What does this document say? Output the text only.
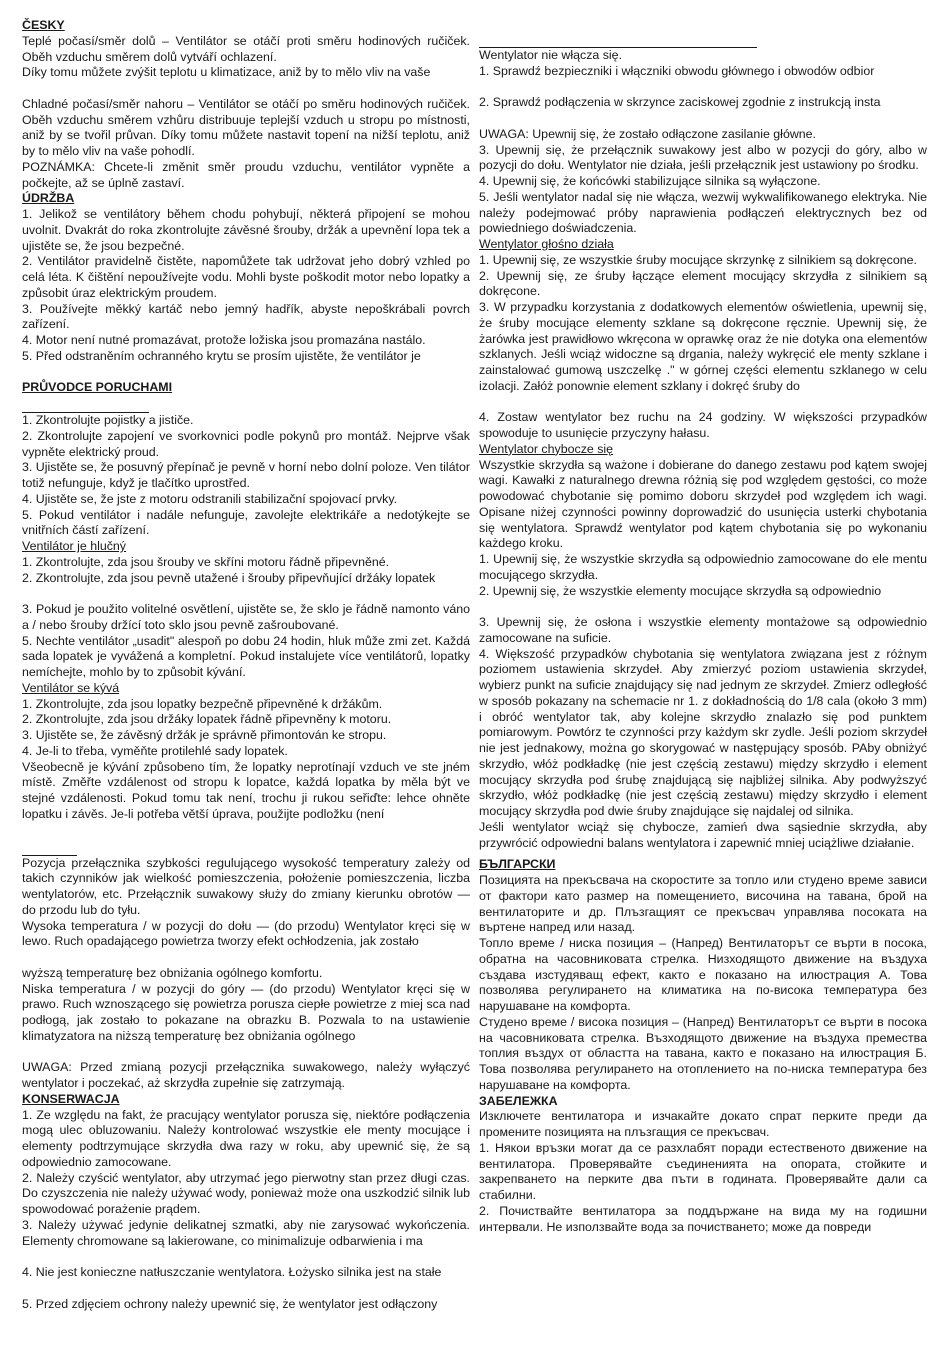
ČESKY

Teplé počasí/směr dolů – Ventilátor se otáčí proti směru hodinových ručiček. Oběh vzduchu směrem dolů vytváří ochlazení.

Díky tomu můžete zvýšit teplotu u klimatizace, aniž by to mělo vliv na vaše

Chladné počasí/směr nahoru – Ventilátor se otáčí po směru hodinových ručiček. Oběh vzduchu směrem vzhůru distribuuje teplejší vzduch u stropu po místnosti, aniž by se tvořil průvan. Díky tomu můžete nastavit topení na nižší teplotu, aniž by to mělo vliv na vaše pohodlí.

POZNÁMKA: Chcete-li změnit směr proudu vzduchu, ventilátor vypněte a počkejte, až se úplně zastaví.

ÚDRŽBA

1. Jelikož se ventilátory během chodu pohybují, některá připojení se mohou uvolnit. Dvakrát do roka zkontrolujte závěsné šrouby, držák a upevnění lopa tek a ujistěte se, že jsou bezpečné.

2. Ventilátor pravidelně čistěte, napomůžete tak udržovat jeho dobrý vzhled po celá léta. K čištění nepoužívejte vodu. Mohli byste poškodit motor nebo lopatky a způsobit úraz elektrickým proudem.

3. Používejte měkký kartáč nebo jemný hadřík, abyste nepoškrábali povrch zařízení.

4. Motor není nutné promazávat, protože ložiska jsou promazána nastálo.

5. Před odstraněním ochranného krytu se prosím ujistěte, že ventilátor je

PRŮVODCE PORUCHAMI

1. Zkontrolujte pojistky a jističe.

2. Zkontrolujte zapojení ve svorkovnici podle pokynů pro montáž. Nejprve však vypněte elektrický proud.

3. Ujistěte se, že posuvný přepínač je pevně v horní nebo dolní poloze. Ven tilátor totiž nefunguje, když je tlačítko uprostřed.

4. Ujistěte se, že jste z motoru odstranili stabilizační spojovací prvky.

5. Pokud ventilátor i nadále nefunguje, zavolejte elektrikáře a nedotýkejte se vnitřních částí zařízení.

Ventilátor je hlučný

1. Zkontrolujte, zda jsou šrouby ve skříni motoru řádně připevněné.

2. Zkontrolujte, zda jsou pevně utažené i šrouby připevňující držáky lopatek

3. Pokud je použito volitelné osvětlení, ujistěte se, že sklo je řádně namonto váno a / nebo šrouby držící toto sklo jsou pevně zašroubované.

5. Nechte ventilátor „usadit" alespoň po dobu 24 hodin, hluk může zmi zet. Každá sada lopatek je vyvážená a kompletní. Pokud instalujete více ventilátorů, lopatky nemíchejte, mohlo by to způsobit kývání.

Ventilátor se kývá

1. Zkontrolujte, zda jsou lopatky bezpečně připevněné k držákům.

2. Zkontrolujte, zda jsou držáky lopatek řádně připevněny k motoru.

3. Ujistěte se, že závěsný držák je správně přimontován ke stropu.

4. Je-li to třeba, vyměňte protilehlé sady lopatek.

Všeobecně je kývání způsobeno tím, že lopatky neprotínají vzduch ve ste jném místě. Změřte vzdálenost od stropu k lopatce, každá lopatka by měla být ve stejné vzdálenosti. Pokud tomu tak není, trochu ji rukou seřiďte: lehce ohněte lopatku i závěs. Je-li potřeba větší úprava, použijte podložku (není

Pozycja przełącznika szybkości regulującego wysokość temperatury zależy od takich czynników jak wielkość pomieszczenia, położenie pomieszczenia, liczba wentylatorów, etc. Przełącznik suwakowy służy do zmiany kierunku obrotów — do przodu lub do tyłu.

Wysoka temperatura / w pozycji do dołu — (do przodu) Wentylator kręci się w lewo. Ruch opadającego powietrza tworzy efekt ochłodzenia, jak zostało

wyższą temperaturę bez obniżania ogólnego komfortu.

Niska temperatura / w pozycji do góry — (do przodu) Wentylator kręci się w prawo. Ruch wznoszącego się powietrza porusza ciepłe powietrze z miej sca nad podłogą, jak zostało to pokazane na obrazku B. Pozwala to na ustawienie klimatyzatora na niższą temperaturę bez obniżania ogólnego

UWAGA: Przed zmianą pozycji przełącznika suwakowego, należy wyłączyć wentylator i poczekać, aż skrzydła zupełnie się zatrzymają.

KONSERWACJA

1. Ze względu na fakt, że pracujący wentylator porusza się, niektóre podłączenia mogą ulec obluzowaniu. Należy kontrolować wszystkie ele menty mocujące i elementy podtrzymujące skrzydła dwa razy w roku, aby upewnić się, że są odpowiednio zamocowane.

2. Należy czyścić wentylator, aby utrzymać jego pierwotny stan przez długi czas. Do czyszczenia nie należy używać wody, ponieważ może ona uszkodzić silnik lub spowodować porażenie prądem.

3. Należy używać jedynie delikatnej szmatki, aby nie zarysować wykończenia. Elementy chromowane są lakierowane, co minimalizuje odbarwienia i ma

4. Nie jest konieczne natłuszczanie wentylatora. Łożysko silnika jest na stałe

5. Przed zdjęciem ochrony należy upewnić się, że wentylator jest odłączony

Wentylator nie włącza się.

1. Sprawdź bezpieczniki i włączniki obwodu głównego i obwodów odbior

2. Sprawdź podłączenia w skrzynce zaciskowej zgodnie z instrukcją insta

UWAGA: Upewnij się, że zostało odłączone zasilanie główne.

3. Upewnij się, że przełącznik suwakowy jest albo w pozycji do góry, albo w pozycji do dołu. Wentylator nie działa, jeśli przełącznik jest ustawiony po środku.

4. Upewnij się, że końcówki stabilizujące silnika są wyłączone.

5. Jeśli wentylator nadal się nie włącza, wezwij wykwalifikowanego elektryka. Nie należy podejmować próby naprawienia podłączeń elektrycznych bez od powiedniego doświadczenia.

Wentylator głośno działa

1. Upewnij się, ze wszystkie śruby mocujące skrzynkę z silnikiem są dokręcone.

2. Upewnij się, ze śruby łączące element mocujący skrzydła z silnikiem są dokręcone.

3. W przypadku korzystania z dodatkowych elementów oświetlenia, upewnij się, że śruby mocujące elementy szklane są dokręcone ręcznie. Upewnij się, że żarówka jest prawidłowo wkręcona w oprawkę oraz że nie dotyka ona elementów szklanych. Jeśli wciąż widoczne są drgania, należy wykręcić ele menty szklane i zainstalować gumową uszczelkę ." w górnej części elementu szklanego w celu izolacji. Załóż ponownie element szklany i dokręć śruby do

4. Zostaw wentylator bez ruchu na 24 godziny. W większości przypadków spowoduje to usunięcie przyczyny hałasu.

Wentylator chybocze się

Wszystkie skrzydła są ważone i dobierane do danego zestawu pod kątem swojej wagi. Kawałki z naturalnego drewna różnią się pod względem gęstości, co może powodować chybotanie się pomimo doboru skrzydeł pod względem ich wagi. Opisane niżej czynności powinny doprowadzić do usunięcia usterki chybotania się wentylatora. Sprawdź wentylator pod kątem chybotania się po wykonaniu każdego kroku.

1. Upewnij się, że wszystkie skrzydła są odpowiednio zamocowane do ele mentu mocującego skrzydła.

2. Upewnij się, że wszystkie elementy mocujące skrzydła są odpowiednio

3. Upewnij się, że osłona i wszystkie elementy montażowe są odpowiednio zamocowane na suficie.

4. Większość przypadków chybotania się wentylatora związana jest z różnym poziomem ustawienia skrzydeł. Aby zmierzyć poziom ustawienia skrzydeł, wybierz punkt na suficie znajdujący się nad jednym ze skrzydeł. Zmierz odległość w sposób pokazany na schemacie nr 1. z dokładnością do 1/8 cala (około 3 mm) i obróć wentylator tak, aby kolejne skrzydło znalazło się pod punktem pomiarowym. Powtórz te czynności przy każdym skr zydle. Jeśli poziom skrzydeł nie jest jednakowy, można go skorygować w następujący sposób. PAby obniżyć skrzydło, włóż podkładkę (nie jest częścią zestawu) między skrzydło i element mocujący skrzydła pod śrubę znajdującą się najbliżej silnika. Aby podwyższyć skrzydło, włóż podkładkę (nie jest częścią zestawu) między skrzydło i element mocujący skrzydła pod dwie śruby znajdujące się najdalej od silnika.

Jeśli wentylator wciąż się chybocze, zamień dwa sąsiednie skrzydła, aby przywrócić odpowiedni balans wentylatora i zapewnić mniej uciążliwe działanie.

БЪЛГАРСКИ

Позицията на прекъсвача на скоростите за топло или студено време зависи от фактори като размер на помещението, височина на тавана, брой на вентилаторите и др. Плъзгащият се прекъсвач управлява посоката на въртене напред или назад.

Топло време / ниска позиция – (Напред) Вентилаторът се върти в посока, обратна на часовниковата стрелка. Низходящото движение на въздуха създава изстудяващ ефект, както е показано на илюстрация А. Това позволява регулирането на климатика на по-висока температура без нарушаване на комфорта.

Студено време / висока позиция – (Напред) Вентилаторът се върти в посока на часовниковата стрелка. Възходящото движение на въздуха премества топлия въздух от областта на тавана, както е показано на илюстрация Б. Това позволява регулирането на отоплението на по-ниска температура без нарушаване на комфорта.

ЗАБЕЛЕЖКА

Изключете вентилатора и изчакайте докато спрат перките преди да промените позицията на плъзгащия се прекъсвач.

1. Някои връзки могат да се разхлабят поради естественото движение на вентилатора. Проверявайте съединенията на опората, стойките и закрепването на перките два пъти в годината. Проверявайте дали са стабилни.

2. Почиствайте вентилатора за поддържане на вида му на годишни интервали. Не използвайте вода за почистването; може да повреди
